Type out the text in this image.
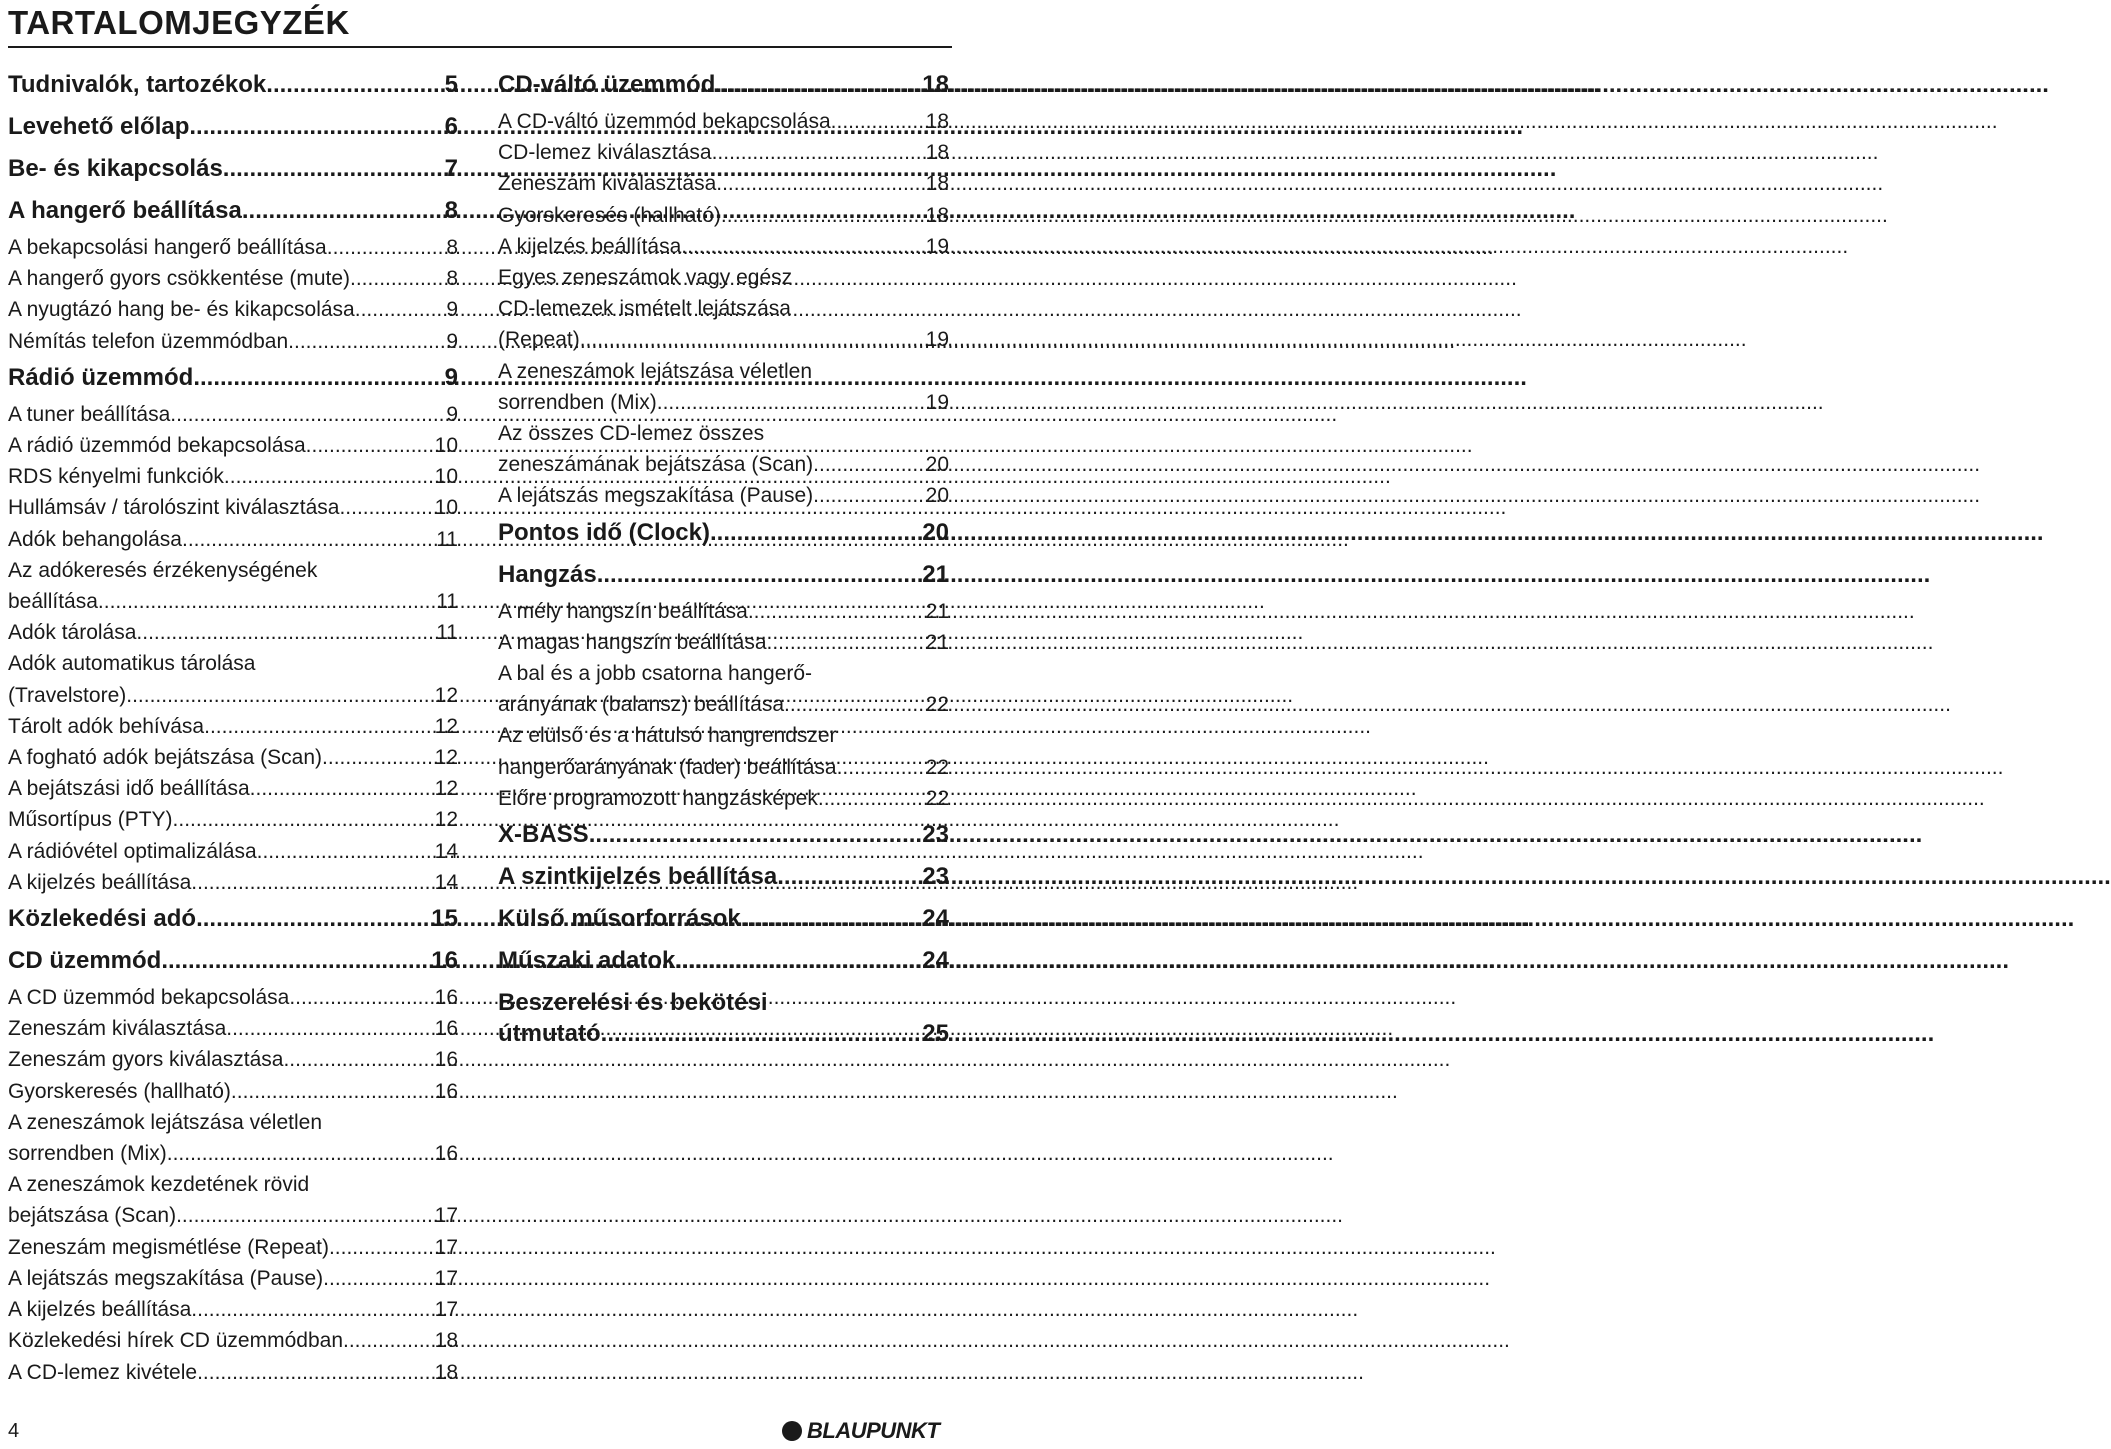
TARTALOMJEGYZÉK
Tudnivalók, tartozékok .....	5
Levehető előlap .....	6
Be- és kikapcsolás .....	7
A hangerő beállítása .....	8
A bekapcsolási hangerő beállítása .....	8
A hangerő gyors csökkentése (mute) .....	8
A nyugtázó hang be- és kikapcsolása .....	9
Némítás telefon üzemmódban .....	9
Rádió üzemmód .....	9
A tuner beállítása .....	9
A rádió üzemmód bekapcsolása .....	10
RDS kényelmi funkciók .....	10
Hullámsáv / tárolószint kiválasztása .....	10
Adók behangolása .....	11
Az adókeresés érzékenységének
beállítása .....	11
Adók tárolása .....	11
Adók automatikus tárolása
(Travelstore) .....	12
Tárolt adók behívása .....	12
A fogható adók bejátszása (Scan) .....	12
A bejátszási idő beállítása .....	12
Műsortípus (PTY) .....	12
A rádióvétel optimalizálása .....	14
A kijelzés beállítása .....	14
Közlekedési adó .....	15
CD üzemmód .....	16
A CD üzemmód bekapcsolása .....	16
Zeneszám kiválasztása .....	16
Zeneszám gyors kiválasztása .....	16
Gyorskeresés (hallható) .....	16
A zeneszámok lejátszása véletlen
sorrendben (Mix) .....	16
A zeneszámok kezdetének rövid
bejátszása (Scan) .....	17
Zeneszám megismétlése (Repeat) .....	17
A lejátszás megszakítása (Pause) .....	17
A kijelzés beállítása .....	17
Közlekedési hírek CD üzemmódban .....	18
A CD-lemez kivétele .....	18
CD-váltó üzemmód .....	18
A CD-váltó üzemmód bekapcsolása .....	18
CD-lemez kiválasztása .....	18
Zeneszám kiválasztása .....	18
Gyorskeresés (hallható) .....	18
A kijelzés beállítása .....	19
Egyes zeneszámok vagy egész
CD-lemezek ismételt lejátszása
(Repeat) .....	19
A zeneszámok lejátszása véletlen
sorrendben (Mix) .....	19
Az összes CD-lemez összes
zeneszámának bejátszása (Scan) .....	20
A lejátszás megszakítása (Pause) .....	20
Pontos idő (Clock) .....	20
Hangzás .....	21
A mély hangszín beállítása .....	21
A magas hangszín beállítása .....	21
A bal és a jobb csatorna hangerő-
arányának (balansz) beállítása .....	22
Az elülső és a hátulsó hangrendszer
hangerőarányának (fader) beállítása .....	22
Előre programozott hangzásképek .....	22
X-BASS .....	23
A szintkijelzés beállítása .....	23
Külső műsorforrások .....	24
Műszaki adatok .....	24
Beszerelési és bekötési
útmutató .....	25
4	BLAUPUNKT
